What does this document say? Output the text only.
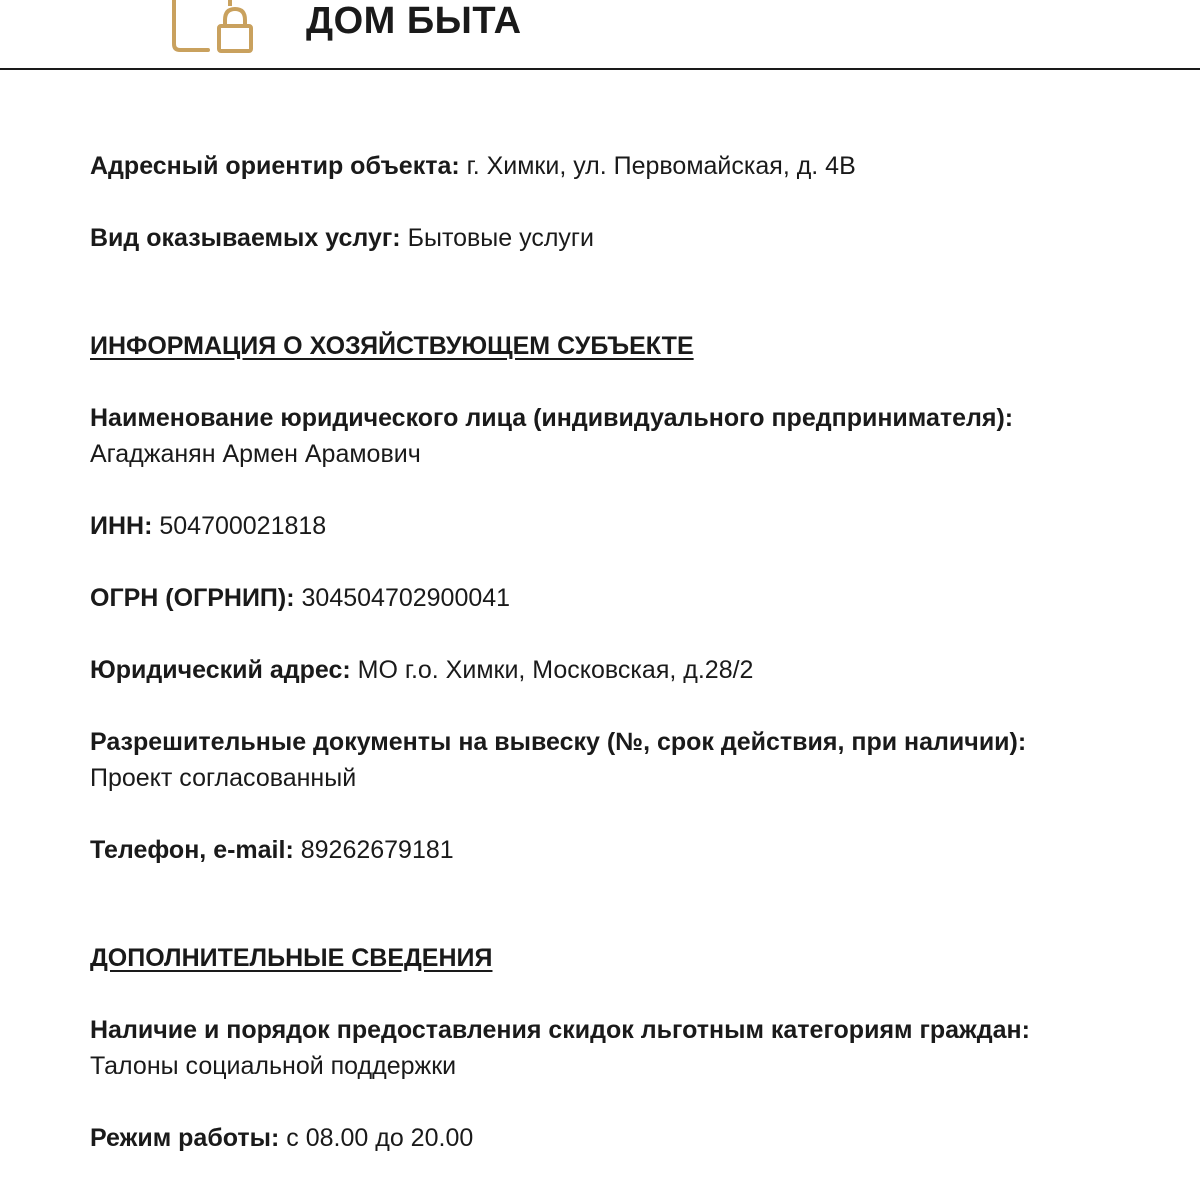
ДОМ БЫТА

Адресный ориентир объекта: г. Химки, ул. Первомайская, д. 4В

Вид оказываемых услуг: Бытовые услуги

ИНФОРМАЦИЯ О ХОЗЯЙСТВУЮЩЕМ СУБЪЕКТЕ

Наименование юридического лица (индивидуального предпринимателя):

Агаджанян Армен Арамович

ИНН: 504700021818

ОГРН (ОГРНИП): 304504702900041

Юридический адрес: МО г.о. Химки, Московская, д.28/2

Разрешительные документы на вывеску (№, срок действия, при наличии):

Проект согласованный

Телефон, e-mail: 89262679181

ДОПОЛНИТЕЛЬНЫЕ СВЕДЕНИЯ

Наличие и порядок предоставления скидок льготным категориям граждан:

Талоны социальной поддержки

Режим работы: с 08.00 до 20.00
